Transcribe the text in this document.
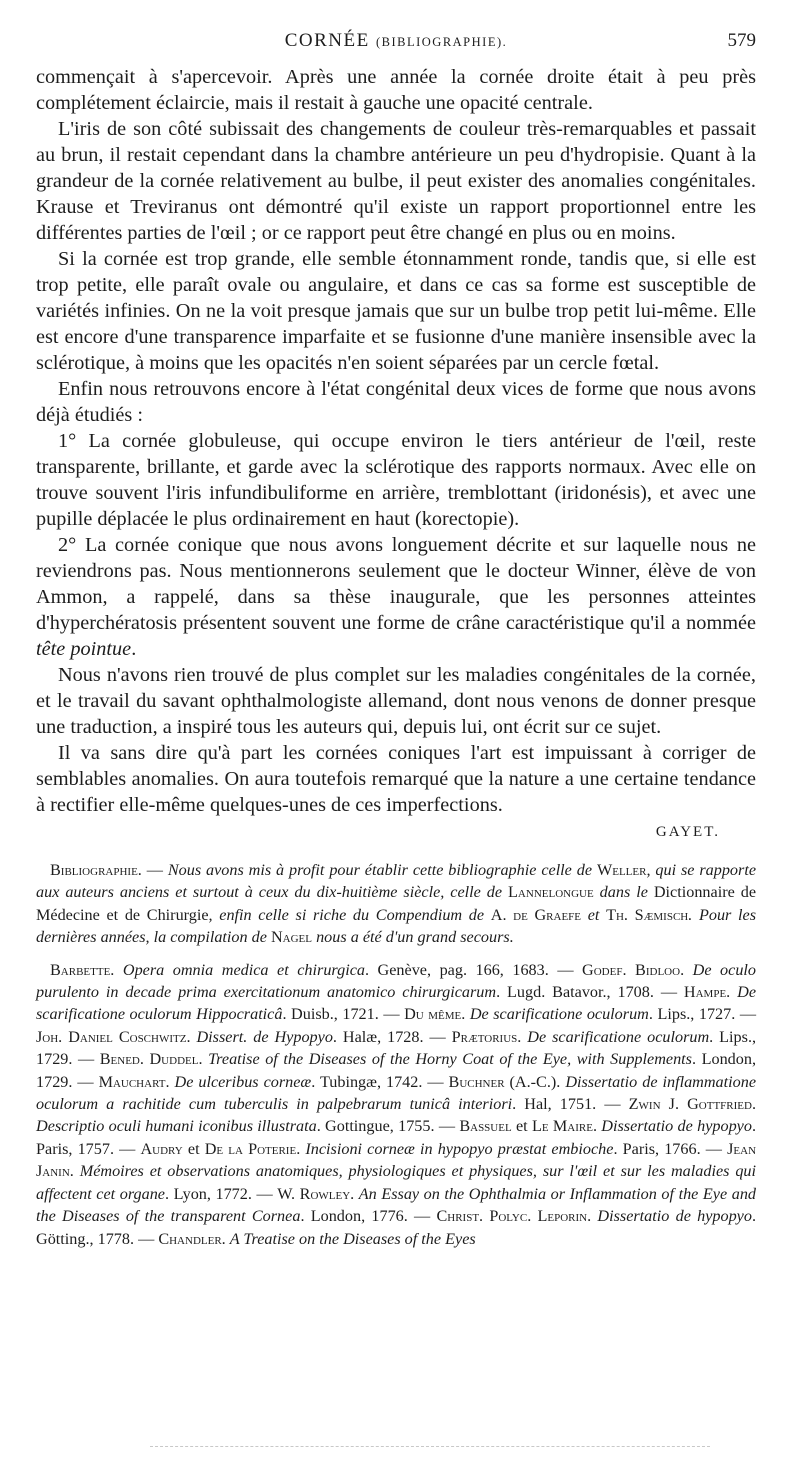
CORNÉE (BIBLIOGRAPHIE).	579

commençait à s'apercevoir. Après une année la cornée droite était à peu près complétement éclaircie, mais il restait à gauche une opacité centrale.

L'iris de son côté subissait des changements de couleur très-remarquables et passait au brun, il restait cependant dans la chambre antérieure un peu d'hydropisie. Quant à la grandeur de la cornée relativement au bulbe, il peut exister des anomalies congénitales. Krause et Treviranus ont démontré qu'il existe un rapport proportionnel entre les différentes parties de l'œil ; or ce rapport peut être changé en plus ou en moins.

Si la cornée est trop grande, elle semble étonnamment ronde, tandis que, si elle est trop petite, elle paraît ovale ou angulaire, et dans ce cas sa forme est susceptible de variétés infinies. On ne la voit presque jamais que sur un bulbe trop petit lui-même. Elle est encore d'une transparence imparfaite et se fusionne d'une manière insensible avec la sclérotique, à moins que les opacités n'en soient séparées par un cercle fœtal.

Enfin nous retrouvons encore à l'état congénital deux vices de forme que nous avons déjà étudiés :

1° La cornée globuleuse, qui occupe environ le tiers antérieur de l'œil, reste transparente, brillante, et garde avec la sclérotique des rapports normaux. Avec elle on trouve souvent l'iris infundibuliforme en arrière, tremblottant (iridonésis), et avec une pupille déplacée le plus ordinairement en haut (korectopie).

2° La cornée conique que nous avons longuement décrite et sur laquelle nous ne reviendrons pas. Nous mentionnerons seulement que le docteur Winner, élève de von Ammon, a rappelé, dans sa thèse inaugurale, que les personnes atteintes d'hyperchératosis présentent souvent une forme de crâne caractéristique qu'il a nommée tête pointue.

Nous n'avons rien trouvé de plus complet sur les maladies congénitales de la cornée, et le travail du savant ophthalmologiste allemand, dont nous venons de donner presque une traduction, a inspiré tous les auteurs qui, depuis lui, ont écrit sur ce sujet.

Il va sans dire qu'à part les cornées coniques l'art est impuissant à corriger de semblables anomalies. On aura toutefois remarqué que la nature a une certaine tendance à rectifier elle-même quelques-unes de ces imperfections.

GAYET.

Bibliographie. — Nous avons mis à profit pour établir cette bibliographie celle de Weller, qui se rapporte aux auteurs anciens et surtout à ceux du dix-huitième siècle, celle de Lannelongue dans le Dictionnaire de Médecine et de Chirurgie, enfin celle si riche du Compendium de A. de Graefe et Th. Sæmisch. Pour les dernières années, la compilation de Nagel nous a été d'un grand secours.

Barbette. Opera omnia medica et chirurgica. Genève, pag. 166, 1683. — Godef. Bidloo. De oculo purulento in decade prima exercitationum anatomico chirurgicarum. Lugd. Batavor., 1708. — Hampe. De scarificatione oculorum Hippocraticâ. Duisb., 1721. — Du même. De scarificatione oculorum. Lips., 1727. — Joh. Daniel Coschwitz. Dissert. de Hypopyo. Halæ, 1728. — Prætorius. De scarificatione oculorum. Lips., 1729. — Bened. Duddel. Treatise of the Diseases of the Horny Coat of the Eye, with Supplements. London, 1729. — Mauchart. De ulceribus corneæ. Tubingæ, 1742. — Buchner (A.-C.). Dissertatio de inflammatione oculorum a rachitide cum tuberculis in palpebrarum tunicâ interiori. Hal, 1751. — Zwin J. Gottfried. Descriptio oculi humani iconibus illustrata. Gottingue, 1755. — Bassuel et Le Maire. Dissertatio de hypopyo. Paris, 1757. — Audry et De la Poterie. Incisioni corneæ in hypopyo præstat embioche. Paris, 1766. — Jean Janin. Mémoires et observations anatomiques, physiologiques et physiques, sur l'œil et sur les maladies qui affectent cet organe. Lyon, 1772. — W. Rowley. An Essay on the Ophthalmia or Inflammation of the Eye and the Diseases of the transparent Cornea. London, 1776. — Christ. Polyc. Leporin. Dissertatio de hypopyo. Götting., 1778. — Chandler. A Treatise on the Diseases of the Eyes
